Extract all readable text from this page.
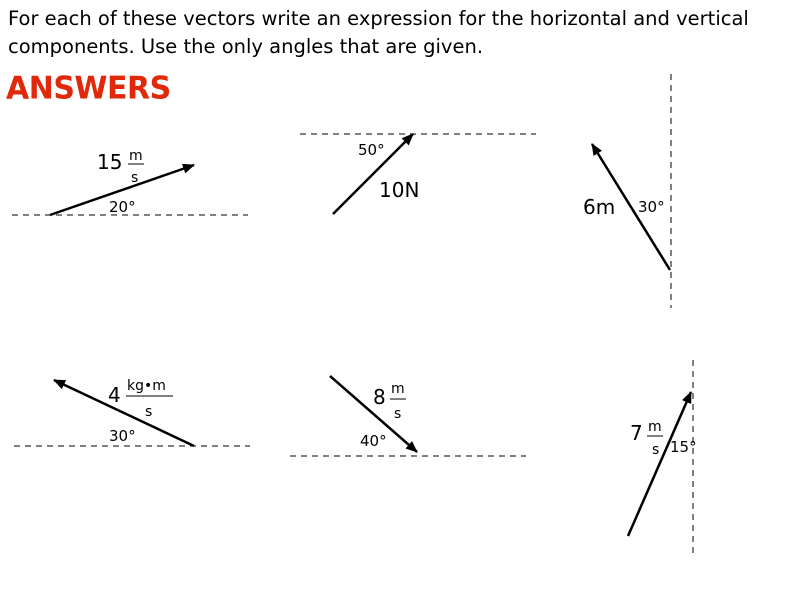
For each of these vectors write an expression for the horizontal and vertical components. Use the only angles that are given.
ANSWERS
15 m
s
20°
50°
10N
6m 30°
4 kg•m
s
30°
8 m
s
40°	7 m
s 15°
